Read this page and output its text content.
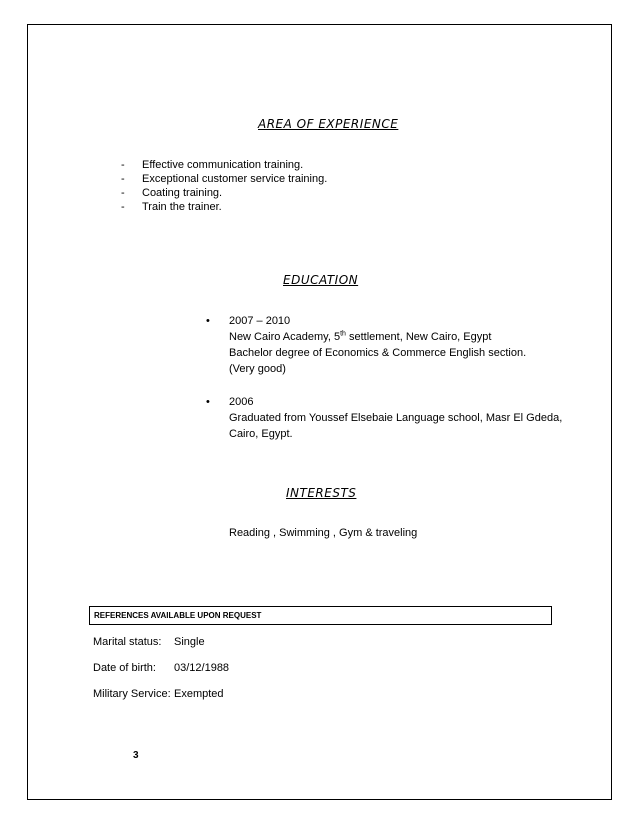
AREA OF EXPERIENCE
- Effective communication training.
- Exceptional customer service training.
- Coating training.
- Train the trainer.
EDUCATION
• 2007 – 2010
New Cairo Academy, 5th settlement, New Cairo, Egypt
Bachelor degree of Economics & Commerce English section.
(Very good)
• 2006
Graduated from Youssef Elsebaie Language school, Masr El Gdeda,
Cairo, Egypt.
INTERESTS
Reading , Swimming , Gym & traveling
REFERENCES AVAILABLE UPON REQUEST
Marital status: Single
Date of birth: 03/12/1988
Military Service: Exempted
3
